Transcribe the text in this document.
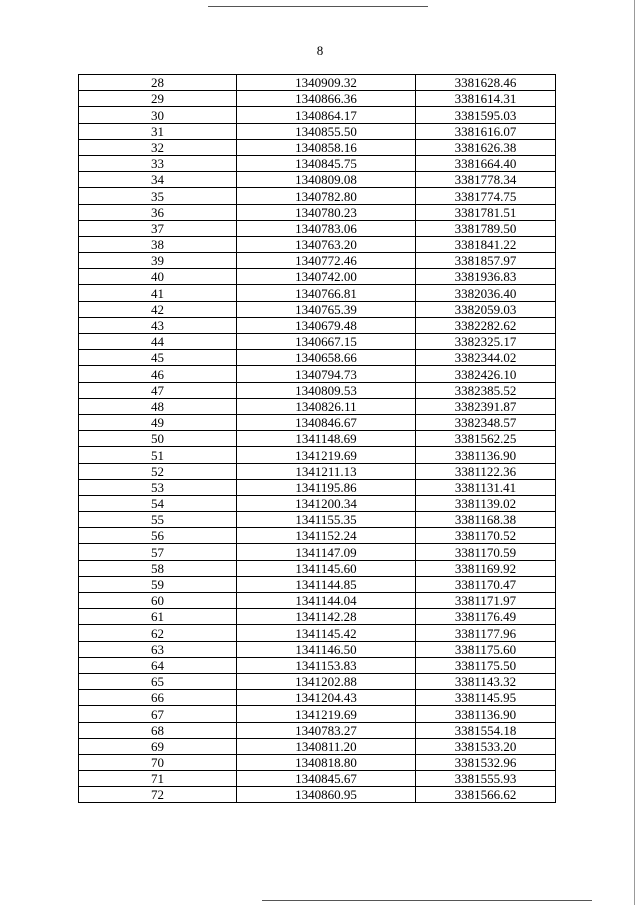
8
28	1340909.32	3381628.46
29	1340866.36	3381614.31
30	1340864.17	3381595.03
31	1340855.50	3381616.07
32	1340858.16	3381626.38
33	1340845.75	3381664.40
34	1340809.08	3381778.34
35	1340782.80	3381774.75
36	1340780.23	3381781.51
37	1340783.06	3381789.50
38	1340763.20	3381841.22
39	1340772.46	3381857.97
40	1340742.00	3381936.83
41	1340766.81	3382036.40
42	1340765.39	3382059.03
43	1340679.48	3382282.62
44	1340667.15	3382325.17
45	1340658.66	3382344.02
46	1340794.73	3382426.10
47	1340809.53	3382385.52
48	1340826.11	3382391.87
49	1340846.67	3382348.57
50	1341148.69	3381562.25
51	1341219.69	3381136.90
52	1341211.13	3381122.36
53	1341195.86	3381131.41
54	1341200.34	3381139.02
55	1341155.35	3381168.38
56	1341152.24	3381170.52
57	1341147.09	3381170.59
58	1341145.60	3381169.92
59	1341144.85	3381170.47
60	1341144.04	3381171.97
61	1341142.28	3381176.49
62	1341145.42	3381177.96
63	1341146.50	3381175.60
64	1341153.83	3381175.50
65	1341202.88	3381143.32
66	1341204.43	3381145.95
67	1341219.69	3381136.90
68	1340783.27	3381554.18
69	1340811.20	3381533.20
70	1340818.80	3381532.96
71	1340845.67	3381555.93
72	1340860.95	3381566.62
